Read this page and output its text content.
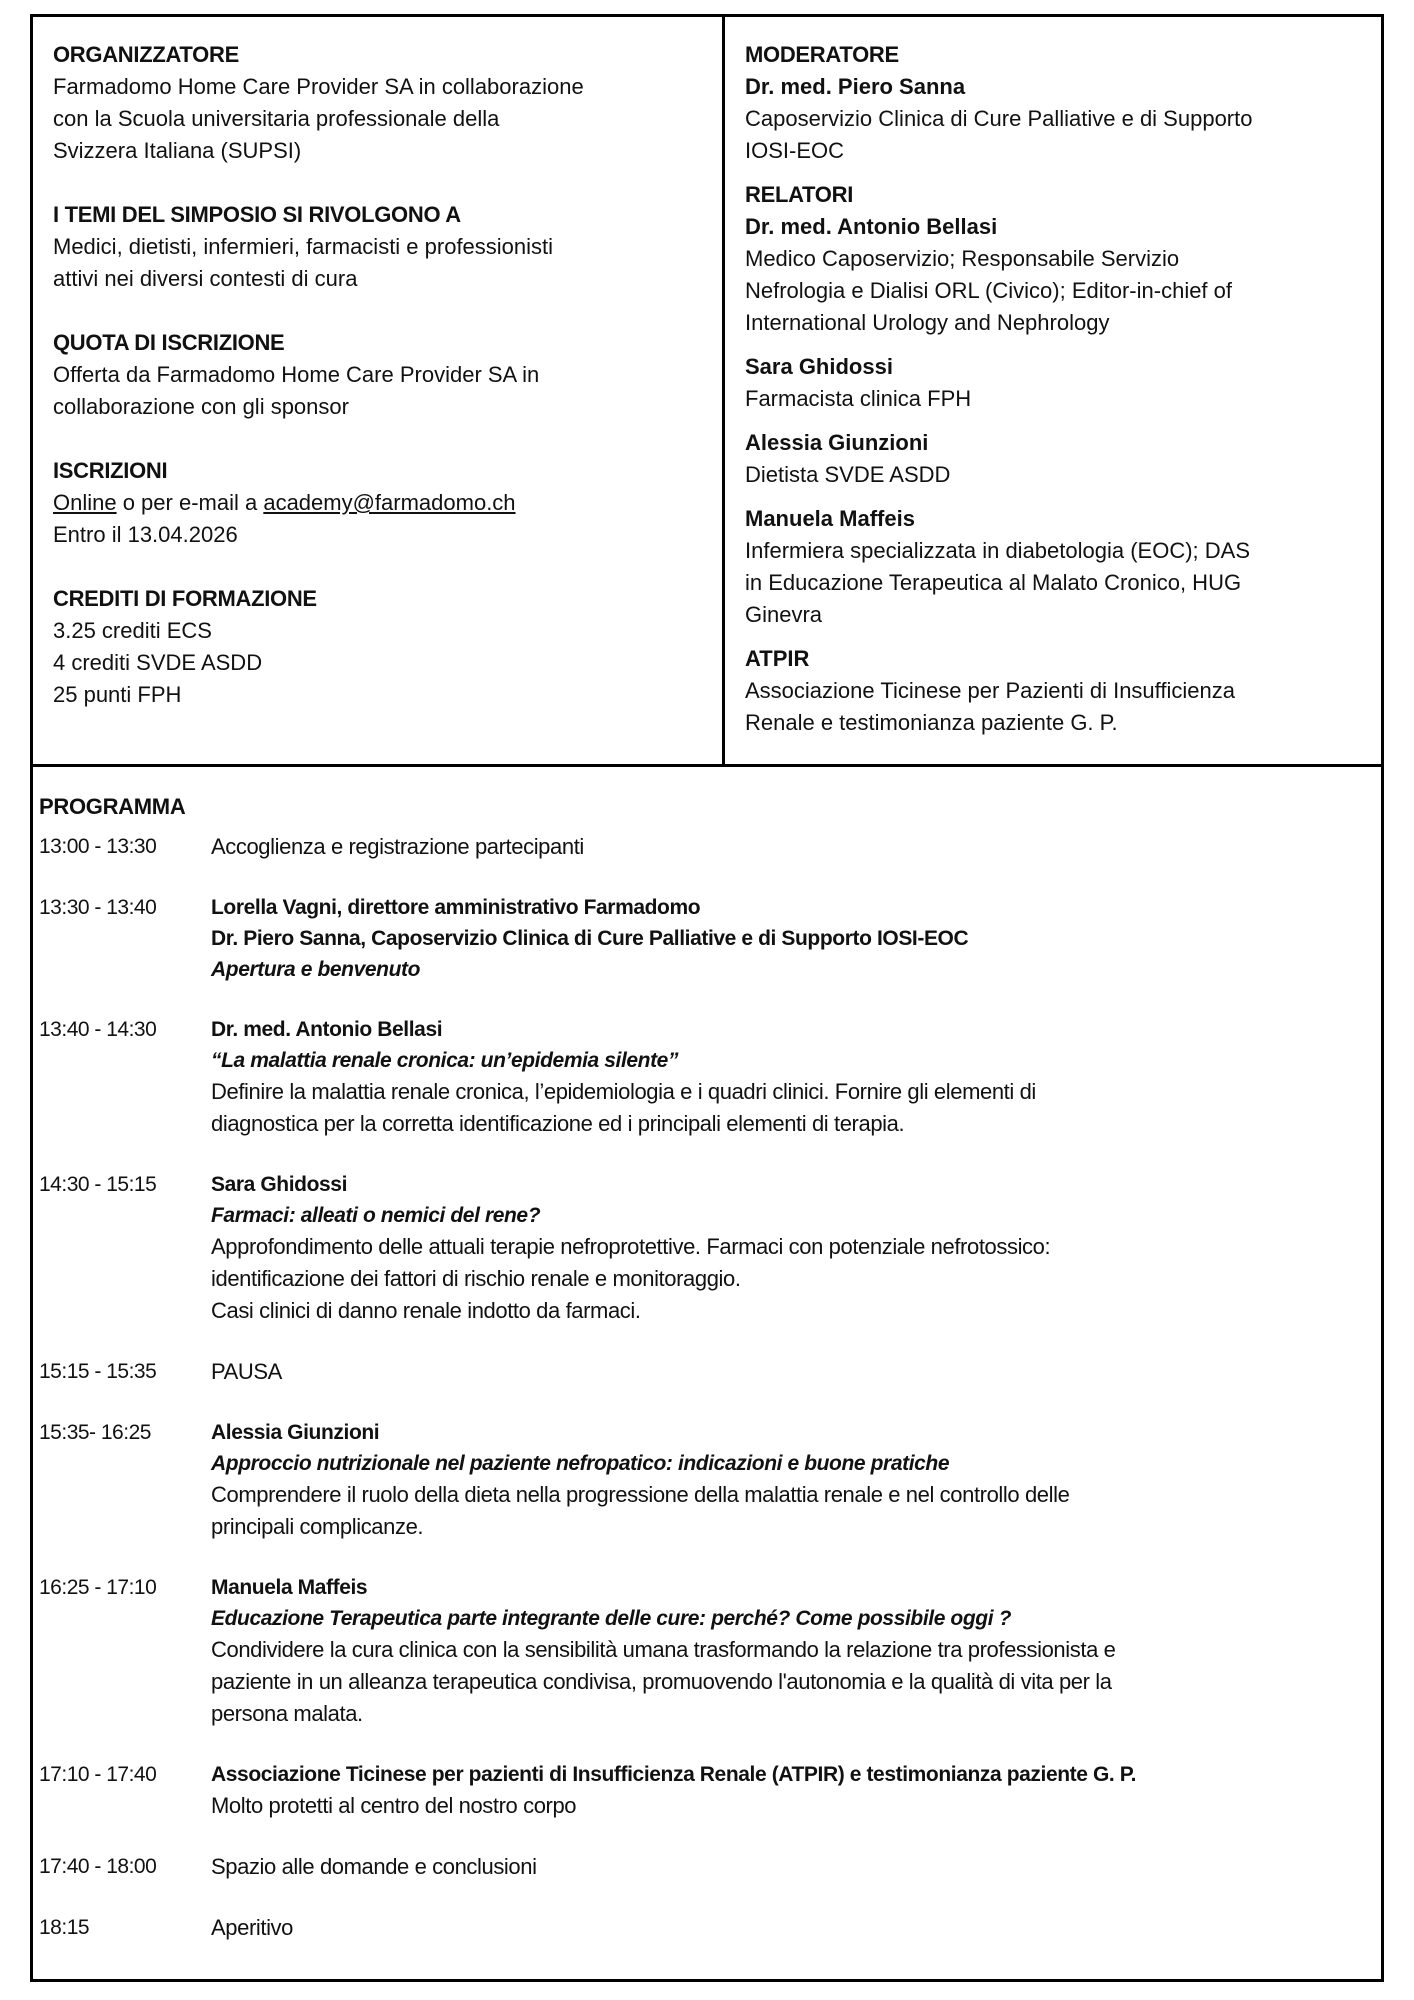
ORGANIZZATORE
Farmadomo Home Care Provider SA in collaborazione
con la Scuola universitaria professionale della
Svizzera Italiana (SUPSI)
I TEMI DEL SIMPOSIO SI RIVOLGONO A
Medici, dietisti, infermieri, farmacisti e professionisti
attivi nei diversi contesti di cura
QUOTA DI ISCRIZIONE
Offerta da Farmadomo Home Care Provider SA in
collaborazione con gli sponsor
ISCRIZIONI
Online o per e-mail a academy@farmadomo.ch
Entro il 13.04.2026
CREDITI DI FORMAZIONE
3.25 crediti ECS
4 crediti SVDE ASDD
25 punti FPH
MODERATORE
Dr. med. Piero Sanna
Caposervizio Clinica di Cure Palliative e di Supporto
IOSI-EOC
RELATORI
Dr. med. Antonio Bellasi
Medico Caposervizio; Responsabile Servizio
Nefrologia e Dialisi ORL (Civico); Editor-in-chief of
International Urology and Nephrology
Sara Ghidossi
Farmacista clinica FPH
Alessia Giunzioni
Dietista SVDE ASDD
Manuela Maffeis
Infermiera specializzata in diabetologia (EOC); DAS
in Educazione Terapeutica al Malato Cronico, HUG
Ginevra
ATPIR
Associazione Ticinese per Pazienti di Insufficienza
Renale e testimonianza paziente G. P.
PROGRAMMA
13:00 - 13:30	Accoglienza e registrazione partecipanti
13:30 - 13:40	Lorella Vagni, direttore amministrativo Farmadomo
Dr. Piero Sanna, Caposervizio Clinica di Cure Palliative e di Supporto IOSI-EOC
Apertura e benvenuto
13:40 - 14:30	Dr. med. Antonio Bellasi
“La malattia renale cronica: un’epidemia silente”
Definire la malattia renale cronica, l’epidemiologia e i quadri clinici. Fornire gli elementi di
diagnostica per la corretta identificazione ed i principali elementi di terapia.
14:30 - 15:15	Sara Ghidossi
Farmaci: alleati o nemici del rene?
Approfondimento delle attuali terapie nefroprotettive. Farmaci con potenziale nefrotossico:
identificazione dei fattori di rischio renale e monitoraggio.
Casi clinici di danno renale indotto da farmaci.
15:15 - 15:35	PAUSA
15:35- 16:25	Alessia Giunzioni
Approccio nutrizionale nel paziente nefropatico: indicazioni e buone pratiche
Comprendere il ruolo della dieta nella progressione della malattia renale e nel controllo delle
principali complicanze.
16:25 - 17:10	Manuela Maffeis
Educazione Terapeutica parte integrante delle cure: perché? Come possibile oggi ?
Condividere la cura clinica con la sensibilità umana trasformando la relazione tra professionista e
paziente in un alleanza terapeutica condivisa, promuovendo l'autonomia e la qualità di vita per la
persona malata.
17:10 - 17:40	Associazione Ticinese per pazienti di Insufficienza Renale (ATPIR) e testimonianza paziente G. P.
Molto protetti al centro del nostro corpo
17:40 - 18:00	Spazio alle domande e conclusioni
18:15	Aperitivo
